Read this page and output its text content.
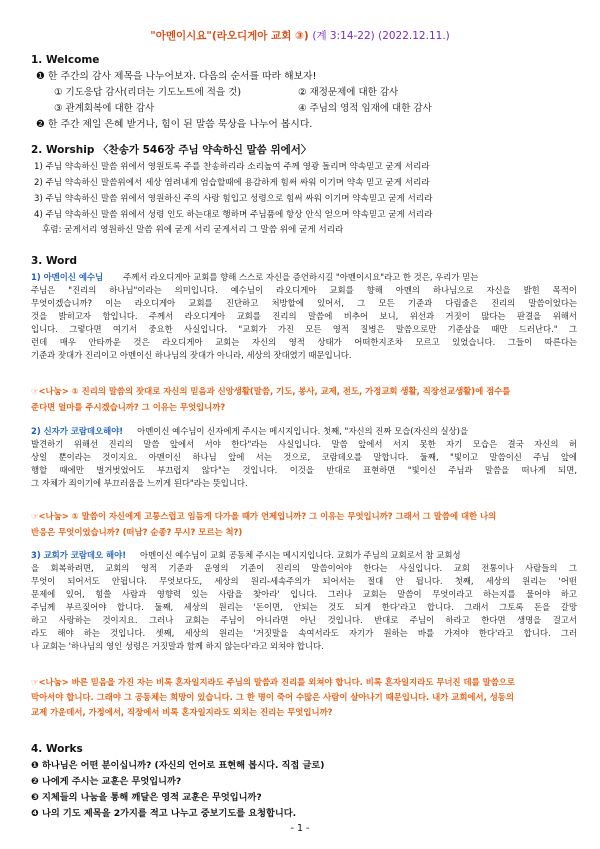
"아멘이시요"(라오디게아 교회 ③) (계 3:14-22) (2022.12.11.)
1. Welcome
❶ 한 주간의 감사 제목을 나누어보자. 다음의 순서를 따라 해보자!
① 기도응답 감사(리더는 기도노트에 적을 것)	② 재정문제에 대한 감사
③ 관계회복에 대한 감사	④ 주님의 영적 임재에 대한 감사
❷ 한 주간 제일 은혜 받거나, 힘이 된 말씀 묵상을 나누어 봅시다.
2. Worship 〈찬송가 546장 주님 약속하신 말씀 위에서〉
1) 주님 약속하신 말씀 위에서 영원토록 주를 찬송하리라 소리높여 주께 영광 돌리며 약속믿고 굳게 서리라
2) 주님 약속하신 말씀위에서 세상 염려내게 엄습할때에 용감하게 힘써 싸워 이기며 약속 믿고 굳게 서리라
3) 주님 약속하신 말씀 위에서 영원하신 주의 사랑 힘입고 성령으로 힘써 싸워 이기며 약속믿고 굳게 서리라
4) 주님 약속하신 말씀 위에서 성령 인도 하는대로 행하며 주님품에 항상 안식 얻으며 약속믿고 굳게 서리라
후렴: 굳게서리 영원하신 말씀 위에 굳게 서리 굳게서리 그 말씀 위에 굳게 서리라
3. Word
1) 아멘이신 예수님 주께서 라오디게아 교회를 향해 스스로 자신을 증언하시길 "아멘이시요"라고 한 것은, 우리가 믿는
주님은 "진리의 하나님"이라는 의미입니다. 예수님이 라오디게아 교회를 향해 아멘의 하나님으로 자신을 밝힌 목적이
무엇이겠습니까? 이는 라오디게아 교회를 진단하고 처방할에 있어서, 그 모든 기준과 다림줄은 진리의 말씀이었다는
것을 밝히고자 함입니다. 주께서 라오디게아 교회를 진리의 말씀에 비추어 보니, 위선과 거짓이 많다는 판결을 위해서
입니다. 그렇다면 여기서 중요한 사실입니다. "교회가 가진 모든 영적 질병은 말씀으로만 기준삼을 때만 드러난다." 그
런데 매우 안타까운 것은 라오디게아 교회는 자신의 영적 상태가 어떠한지조차 모르고 있었습니다. 그들이 따른다는
기준과 잣대가 진리이고 아멘이신 하나님의 잣대가 아니라, 세상의 잣대였기 때문입니다.
☞<나눔> ① 진리의 말씀의 잣대로 자신의 믿음과 신앙생활(말씀, 기도, 봉사, 교제, 전도, 가정교회 생활, 직장선교생활)에 점수를
준다면 얼마를 주시겠습니까? 그 이유는 무엇입니까?
2) 신자가 코람데오해야! 아멘이신 예수님이 신자에게 주시는 메시지입니다. 첫째, "자신의 진짜 모습(자신의 실상)을
발견하기 위해선 진리의 말씀 앞에서 서야 한다"라는 사실입니다. 말씀 앞에서 서지 못한 자기 모습은 결국 자신의 허
상일 뿐이라는 것이지요. 아멘이신 하나님 앞에 서는 것으로, 코람데오를 말합니다. 둘째, "빛이고 말씀이신 주님 앞에
행할 때에만 벌거벗었어도 부끄럽지 않다"는 것입니다. 이것을 반대로 표현하면 "빛이신 주님과 말씀을 떠나게 되면,
그 자체가 죄이기에 부끄러움을 느끼게 된다"라는 뜻입니다.
☞<나눔> ① 말씀이 자신에게 고통스럽고 임듬게 다가올 때가 언제입니까? 그 이유는 무엇입니까? 그래서 그 말씀에 대한 나의
반응은 무엇이었습니까? (떠남? 순종? 무시? 모르는 척?)
3) 교회가 코람데오 해야! 아멘이신 예수님이 교회 공동체 주시는 메시지입니다. 교회가 주님의 교회로서 참 교회성
을 회복하려면, 교회의 영적 기준과 운영의 기준이 진리의 말씀이어야 한다는 사실입니다. 교회 전통이나 사람들의 그
무엇이 되어서도 안됩니다. 무엇보다도, 세상의 원리-세속주의가 되어서는 절대 안 됩니다. 첫째, 세상의 원리는 '어떤
문제에 있어, 힘쓸 사람과 영향력 있는 사람을 찾아라' 입니다. 그러나 교회는 말씀이 무엇이라고 하는지를 물어야 하고
주님께 부르짖어야 합니다. 둘째, 세상의 원리는 '돈이면, 안되는 것도 되게 한다'라고 합니다. 그래서 그토록 돈을 갈망
하고 사랑하는 것이지요. 그러나 교회는 주님이 아니라면 아닌 것입니다. 반대로 주님이 하라고 한다면 생명을 걸고서
라도 해야 하는 것입니다. 셋째, 세상의 원리는 '거짓말을 속여서라도 자기가 원하는 바를 가져야 한다'라고 합니다. 그러
나 교회는 '하나님의 영인 성령은 거짓말과 함께 하지 않는다'라고 외쳐야 합니다.
☞<나눔> 바른 믿음을 가진 자는 비록 혼자일지라도 주님의 말씀과 진리를 외쳐야 합니다. 비록 혼자일지라도 무너진 데를 말씀으로
막아서야 합니다. 그래야 그 공동체는 희망이 있습니다. 그 한 명이 죽어 수많은 사람이 살아나기 때문입니다. 내가 교회에서, 성동의
교제 가운데서, 가정에서, 직장에서 비록 혼자일지라도 외치는 진리는 무엇입니까?
4. Works
❶ 하나님은 어떤 분이십니까? (자신의 언어로 표현해 봅시다. 직접 글로)
❷ 나에게 주시는 교훈은 무엇입니까?
❸ 지체들의 나눔을 통해 깨달은 영적 교훈은 무엇입니까?
❹ 나의 기도 제목을 2가지를 적고 나누고 중보기도를 요청합니다.
- 1 -
